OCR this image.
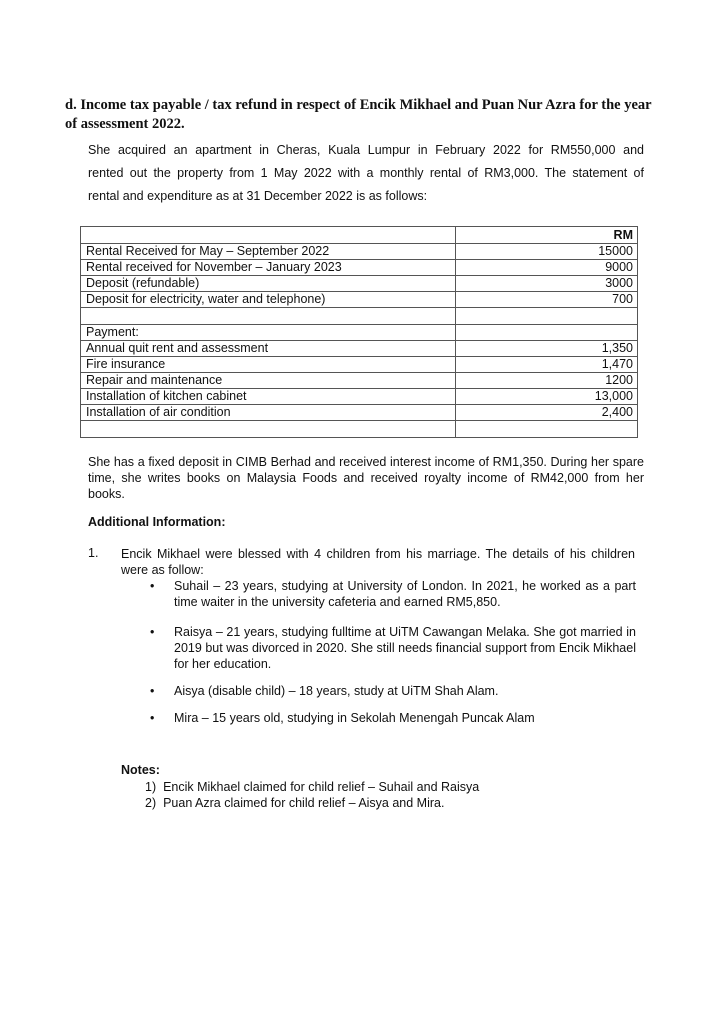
d. Income tax payable / tax refund in respect of Encik Mikhael and Puan Nur Azra for the year of assessment 2022.
She acquired an apartment in Cheras, Kuala Lumpur in February 2022 for RM550,000 and
rented out the property from 1 May 2022 with a monthly rental of RM3,000. The statement of
rental and expenditure as at 31 December 2022 is as follows:
	RM
Rental Received for May – September 2022	15000
Rental received for November – January 2023	9000
Deposit (refundable)	3000
Deposit for electricity, water and telephone)	700

Payment:	
Annual quit rent and assessment	1,350
Fire insurance	1,470
Repair and maintenance	1200
Installation of kitchen cabinet	13,000
Installation of air condition	2,400

She has a fixed deposit in CIMB Berhad and received interest income of RM1,350. During her spare time, she writes books on Malaysia Foods and received royalty income of RM42,000 from her books.
Additional Information:
1. Encik Mikhael were blessed with 4 children from his marriage. The details of his children were as follow:
• Suhail – 23 years, studying at University of London. In 2021, he worked as a part time waiter in the university cafeteria and earned RM5,850.
• Raisya – 21 years, studying fulltime at UiTM Cawangan Melaka. She got married in 2019 but was divorced in 2020. She still needs financial support from Encik Mikhael for her education.
• Aisya (disable child) – 18 years, study at UiTM Shah Alam.
• Mira – 15 years old, studying in Sekolah Menengah Puncak Alam
Notes:
1) Encik Mikhael claimed for child relief – Suhail and Raisya
2) Puan Azra claimed for child relief – Aisya and Mira.
